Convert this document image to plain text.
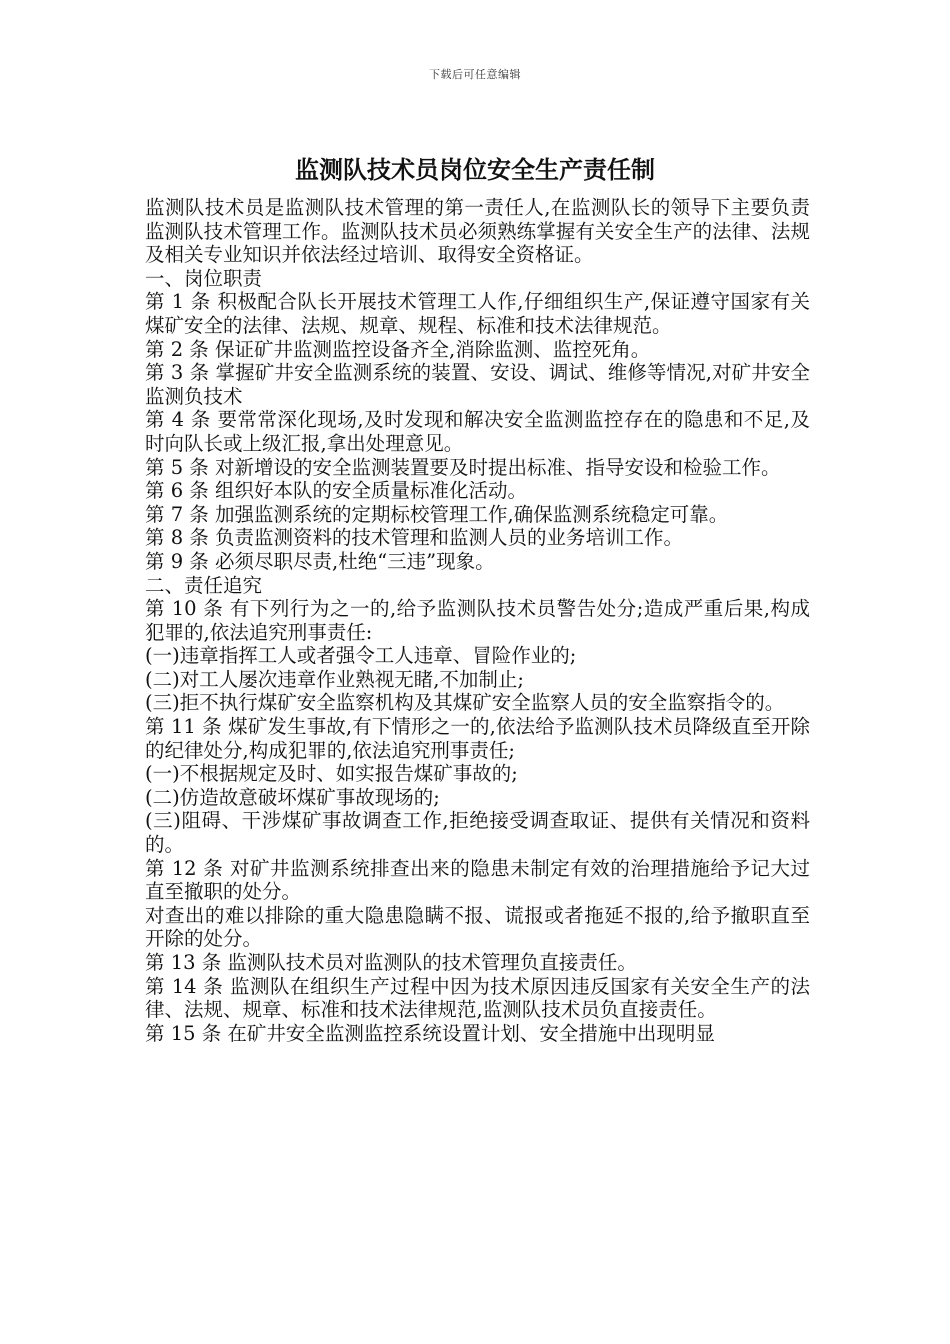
下载后可任意编辑
监测队技术员岗位安全生产责任制

监测队技术员是监测队技术管理的第一责任人,在监测队长的领导下主要负责监测队技术管理工作。监测队技术员必须熟练掌握有关安全生产的法律、法规及相关专业知识并依法经过培训、取得安全资格证。

一、岗位职责

第 1 条 积极配合队长开展技术管理工人作,仔细组织生产,保证遵守国家有关煤矿安全的法律、法规、规章、规程、标准和技术法律规范。

第 2 条 保证矿井监测监控设备齐全,消除监测、监控死角。

第 3 条 掌握矿井安全监测系统的装置、安设、调试、维修等情况,对矿井安全监测负技术

第 4 条 要常常深化现场,及时发现和解决安全监测监控存在的隐患和不足,及时向队长或上级汇报,拿出处理意见。

第 5 条 对新增设的安全监测装置要及时提出标准、指导安设和检验工作。

第 6 条 组织好本队的安全质量标准化活动。

第 7 条 加强监测系统的定期标校管理工作,确保监测系统稳定可靠。

第 8 条 负责监测资料的技术管理和监测人员的业务培训工作。

第 9 条 必须尽职尽责,杜绝“三违”现象。

二、责任追究

第 10 条 有下列行为之一的,给予监测队技术员警告处分;造成严重后果,构成犯罪的,依法追究刑事责任:

(一)违章指挥工人或者强令工人违章、冒险作业的;

(二)对工人屡次违章作业熟视无睹,不加制止;

(三)拒不执行煤矿安全监察机构及其煤矿安全监察人员的安全监察指令的。

第 11 条 煤矿发生事故,有下情形之一的,依法给予监测队技术员降级直至开除的纪律处分,构成犯罪的,依法追究刑事责任;

(一)不根据规定及时、如实报告煤矿事故的;

(二)仿造故意破坏煤矿事故现场的;

(三)阻碍、干涉煤矿事故调查工作,拒绝接受调查取证、提供有关情况和资料的。

第 12 条 对矿井监测系统排查出来的隐患未制定有效的治理措施给予记大过直至撤职的处分。

对查出的难以排除的重大隐患隐瞒不报、谎报或者拖延不报的,给予撤职直至开除的处分。

第 13 条 监测队技术员对监测队的技术管理负直接责任。

第 14 条 监测队在组织生产过程中因为技术原因违反国家有关安全生产的法律、法规、规章、标准和技术法律规范,监测队技术员负直接责任。

第 15 条 在矿井安全监测监控系统设置计划、安全措施中出现明显
